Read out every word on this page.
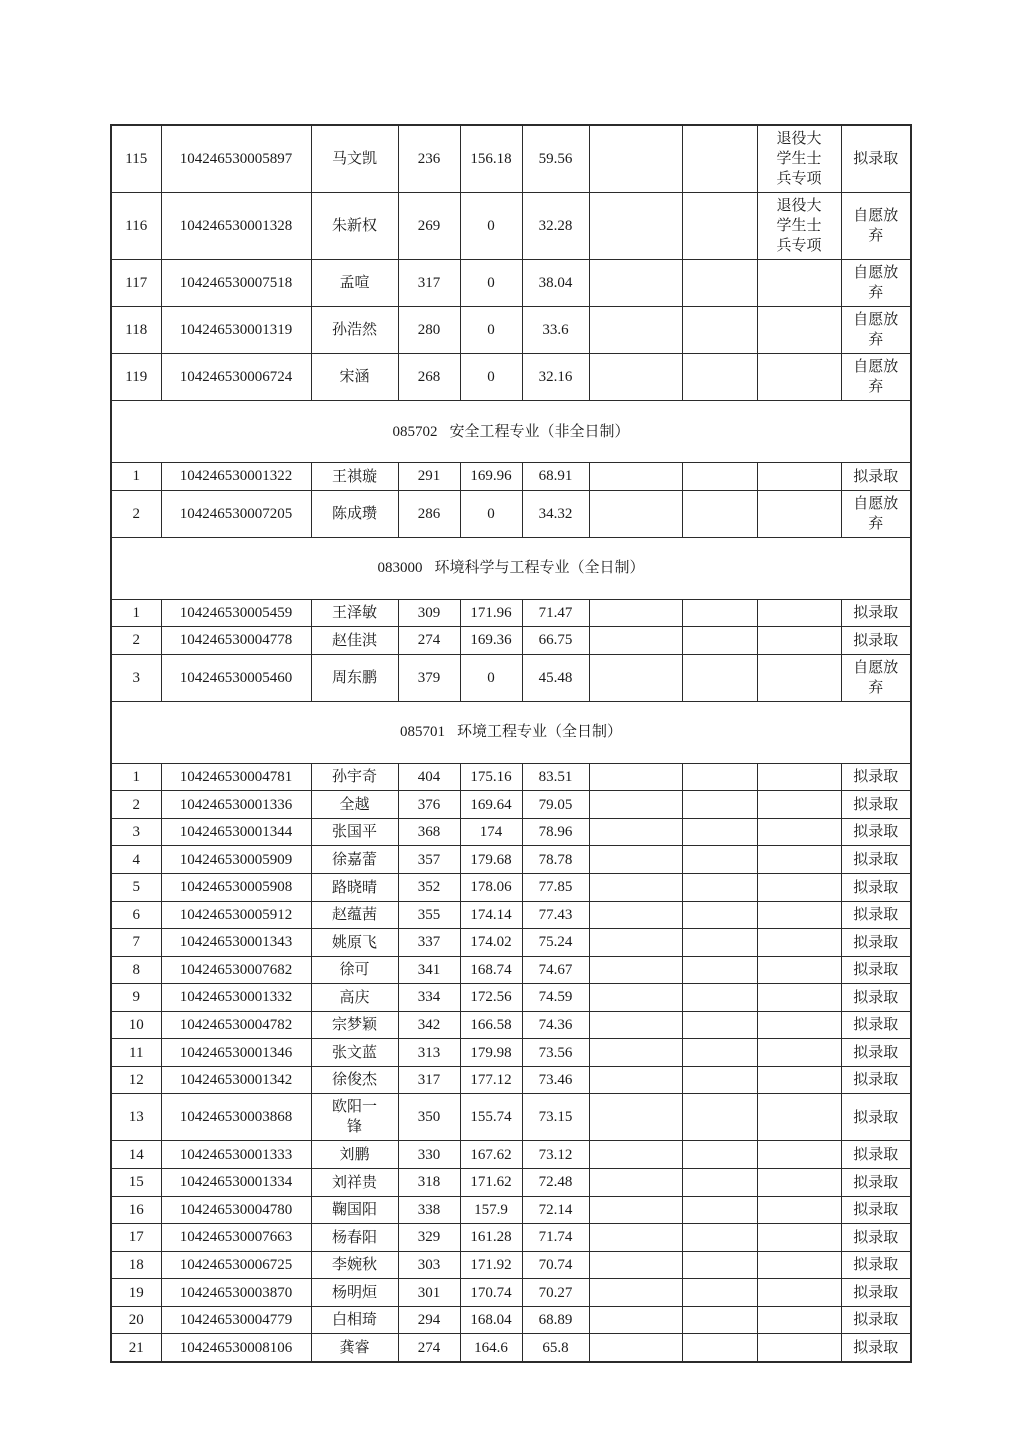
115	104246530005897	马文凯	236	156.18	59.56			退役大学生士兵专项	拟录取
116	104246530001328	朱新权	269	0	32.28			退役大学生士兵专项	自愿放弃
117	104246530007518	孟喧	317	0	38.04				自愿放弃
118	104246530001319	孙浩然	280	0	33.6				自愿放弃
119	104246530006724	宋涵	268	0	32.16				自愿放弃
085702 安全工程专业（非全日制）									
1	104246530001322	王祺璇	291	169.96	68.91				拟录取
2	104246530007205	陈成瓒	286	0	34.32				自愿放弃
083000 环境科学与工程专业（全日制）									
1	104246530005459	王泽敏	309	171.96	71.47				拟录取
2	104246530004778	赵佳淇	274	169.36	66.75				拟录取
3	104246530005460	周东鹏	379	0	45.48				自愿放弃
085701 环境工程专业（全日制）									
1	104246530004781	孙宇奇	404	175.16	83.51				拟录取
2	104246530001336	全越	376	169.64	79.05				拟录取
3	104246530001344	张国平	368	174	78.96				拟录取
4	104246530005909	徐嘉蕾	357	179.68	78.78				拟录取
5	104246530005908	路晓晴	352	178.06	77.85				拟录取
6	104246530005912	赵蕴茜	355	174.14	77.43				拟录取
7	104246530001343	姚原飞	337	174.02	75.24				拟录取
8	104246530007682	徐可	341	168.74	74.67				拟录取
9	104246530001332	高庆	334	172.56	74.59				拟录取
10	104246530004782	宗梦颖	342	166.58	74.36				拟录取
11	104246530001346	张文蓝	313	179.98	73.56				拟录取
12	104246530001342	徐俊杰	317	177.12	73.46				拟录取
13	104246530003868	欧阳一锋	350	155.74	73.15				拟录取
14	104246530001333	刘鹏	330	167.62	73.12				拟录取
15	104246530001334	刘祥贵	318	171.62	72.48				拟录取
16	104246530004780	鞠国阳	338	157.9	72.14				拟录取
17	104246530007663	杨春阳	329	161.28	71.74				拟录取
18	104246530006725	李婉秋	303	171.92	70.74				拟录取
19	104246530003870	杨明烜	301	170.74	70.27				拟录取
20	104246530004779	白相琦	294	168.04	68.89				拟录取
21	104246530008106	龚睿	274	164.6	65.8				拟录取
